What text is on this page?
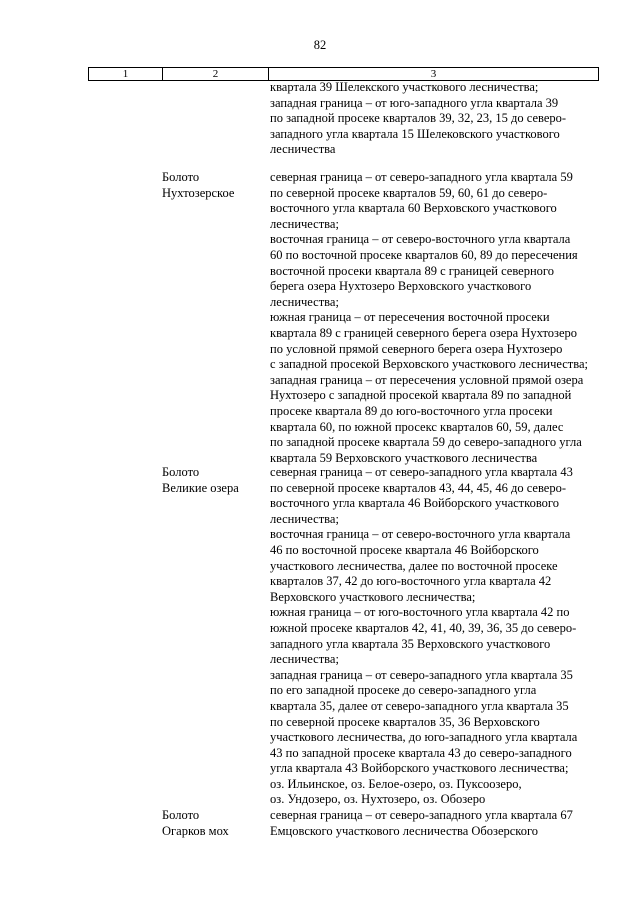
82
1	2	3
квартала 39 Шелекского участкового лесничества;
западная граница – от юго-западного угла квартала 39
по западной просеке кварталов 39, 32, 23, 15 до северо-
западного угла квартала 15 Шелековского участкового
лесничества
Болото
Нухтозерское
северная граница – от северо-западного угла квартала 59
по северной просеке кварталов 59, 60, 61 до северо-
восточного угла квартала 60 Верховского участкового
лесничества;
восточная граница – от северо-восточного угла квартала
60 по восточной просеке кварталов 60, 89 до пересечения
восточной просеки квартала 89 с границей северного
берега озера Нухтозеро Верховского участкового
лесничества;
южная граница – от пересечения восточной просеки
квартала 89 с границей северного берега озера Нухтозеро
по условной прямой северного берега озера Нухтозеро
с западной просекой Верховского участкового лесничества;
западная граница – от пересечения условной прямой озера
Нухтозеро с западной просекой квартала 89 по западной
просеке квартала 89 до юго-восточного угла просеки
квартала 60, по южной просекс кварталов 60, 59, далес
по западной просеке квартала 59 до северо-западного угла
квартала 59 Верховского участкового лесничества
Болото
Великие озера
северная граница – от северо-западного угла квартала 43
по северной просеке кварталов 43, 44, 45, 46 до северо-
восточного угла квартала 46 Войборского участкового
лесничества;
восточная граница – от северо-восточного угла квартала
46 по восточной просеке квартала 46 Войборского
участкового лесничества, далее по восточной просеке
кварталов 37, 42 до юго-восточного угла квартала 42
Верховского участкового лесничества;
южная граница – от юго-восточного угла квартала 42 по
южной просеке кварталов 42, 41, 40, 39, 36, 35 до северо-
западного угла квартала 35 Верховского участкового
лесничества;
западная граница – от северо-западного угла квартала 35
по его западной просеке до северо-западного угла
квартала 35, далее от северо-западного угла квартала 35
по северной просеке кварталов 35, 36 Верховского
участкового лесничества, до юго-западного угла квартала
43 по западной просеке квартала 43 до северо-западного
угла квартала 43 Войборского участкового лесничества;
оз. Ильинское, оз. Белое-озеро, оз. Пуксоозеро,
оз. Ундозеро, оз. Нухтозеро, оз. Обозеро
Болото
Огарков мох
северная граница – от северо-западного угла квартала 67
Емцовского участкового лесничества Обозерского
